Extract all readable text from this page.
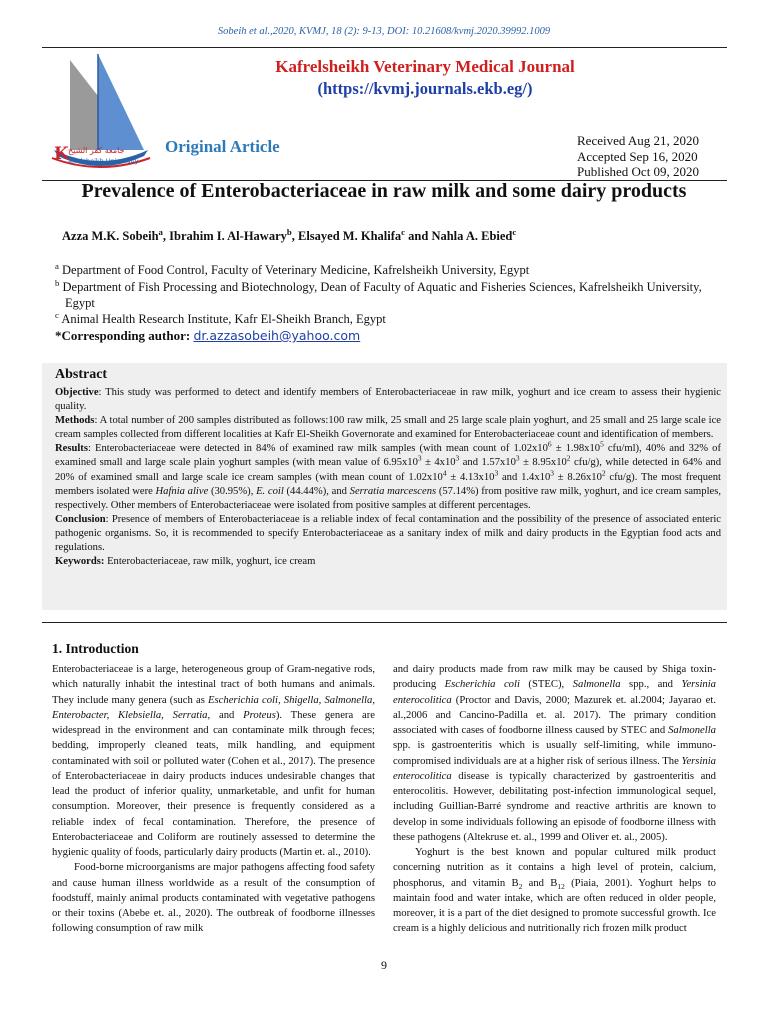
Sobeih et al.,2020, KVMJ, 18 (2): 9-13, DOI: 10.21608/kvmj.2020.39992.1009
K جامعة كفر الشيخ
afrelsheikh University
Kafrelsheikh Veterinary Medical Journal
(https://kvmj.journals.ekb.eg/)
Original Article	Received Aug 21, 2020
Accepted Sep 16, 2020
Published Oct 09, 2020
Prevalence of Enterobacteriaceae in raw milk and some dairy products
Azza M.K. Sobeih$^a$, Ibrahim I. Al-Hawary$^b$, Elsayed M. Khalifa$^c$ and Nahla A. Ebied$^c$
$^a$ Department of Food Control, Faculty of Veterinary Medicine, Kafrelsheikh University, Egypt
$^b$ Department of Fish Processing and Biotechnology, Dean of Faculty of Aquatic and Fisheries Sciences, Kafrelsheikh University,
Egypt
$^c$ Animal Health Research Institute, Kafr El-Sheikh Branch, Egypt
*Corresponding author: dr.azzasobeih@yahoo.com
Abstract

Objective: This study was performed to detect and identify members of Enterobacteriaceae in raw milk, yoghurt and ice cream to assess their hygienic quality.

Methods: A total number of 200 samples distributed as follows:100 raw milk, 25 small and 25 large scale plain yoghurt, and 25 small and 25 large scale ice cream samples collected from different localities at Kafr El-Sheikh Governorate and examined for Enterobacteriaceae count and identification of members.

Results: Enterobacteriaceae were detected in 84% of examined raw milk samples (with mean count of $1.02x10^6 \pm 1.98x10^5$ cfu/ml), 40% and 32% of examined small and large scale plain yoghurt samples (with mean value of $6.95x10^3 \pm 4x10^3$ and $1.57x10^3 \pm 8.95x10^2$ cfu/g), while detected in 64% and 20% of examined small and large scale ice cream samples (with mean count of $1.02x10^4 \pm 4.13x10^3$ and $1.4x10^3 \pm 8.26x10^2$ cfu/g). The most frequent members isolated were Hafnia alive (30.95%), E. coil (44.44%), and Serratia marcescens (57.14%) from positive raw milk, yoghurt, and ice cream samples, respectively. Other members of Enterobacteriaceae were isolated from positive samples at different percentages.

Conclusion: Presence of members of Enterobacteriaceae is a reliable index of fecal contamination and the possibility of the presence of associated enteric pathogenic organisms. So, it is recommended to specify Enterobacteriaceae as a sanitary index of milk and dairy products in the Egyptian food acts and regulations.

Keywords: Enterobacteriaceae, raw milk, yoghurt, ice cream

1. Introduction

Enterobacteriaceae is a large, heterogeneous group of Gram-negative rods, which naturally inhabit the intestinal tract of both humans and animals. They include many genera (such as Escherichia coli, Shigella, Salmonella, Enterobacter, Klebsiella, Serratia, and Proteus). These genera are widespread in the environment and can contaminate milk through feces; bedding, improperly cleaned teats, milk handling, and equipment contaminated with soil or polluted water (Cohen et al., 2017). The presence of Enterobacteriaceae in dairy products induces undesirable changes that lead the product of inferior quality, unmarketable, and unfit for human consumption. Moreover, their presence is frequently considered as a reliable index of fecal contamination. Therefore, the presence of Enterobacteriaceae and Coliform are routinely assessed to determine the hygienic quality of foods, particularly dairy products (Martin et. al., 2010).

Food-borne microorganisms are major pathogens affecting food safety and cause human illness worldwide as a result of the consumption of foodstuff, mainly animal products contaminated with vegetative pathogens or their toxins (Abebe et. al., 2020). The outbreak of foodborne illnesses following consumption of raw milk

and dairy products made from raw milk may be caused by Shiga toxin-producing Escherichia coli (STEC), Salmonella spp., and Yersinia enterocolitica (Proctor and Davis, 2000; Mazurek et. al.2004; Jayarao et. al.,2006 and Cancino-Padilla et. al. 2017). The primary condition associated with cases of foodborne illness caused by STEC and Salmonella spp. is gastroenteritis which is usually self-limiting, while immuno-compromised individuals are at a higher risk of serious illness. The Yersinia enterocolitica disease is typically characterized by gastroenteritis and enterocolitis. However, debilitating post-infection immunological sequel, including Guillian-Barré syndrome and reactive arthritis are known to develop in some individuals following an episode of foodborne illness with these pathogens (Altekruse et. al., 1999 and Oliver et. al., 2005).

Yoghurt is the best known and popular cultured milk product concerning nutrition as it contains a high level of protein, calcium, phosphorus, and vitamin $B_2$ and $B_{12}$ (Piaia, 2001). Yoghurt helps to maintain food and water intake, which are often reduced in older people, moreover, it is a part of the diet designed to promote successful growth. Ice cream is a highly delicious and nutritionally rich frozen milk product

9
